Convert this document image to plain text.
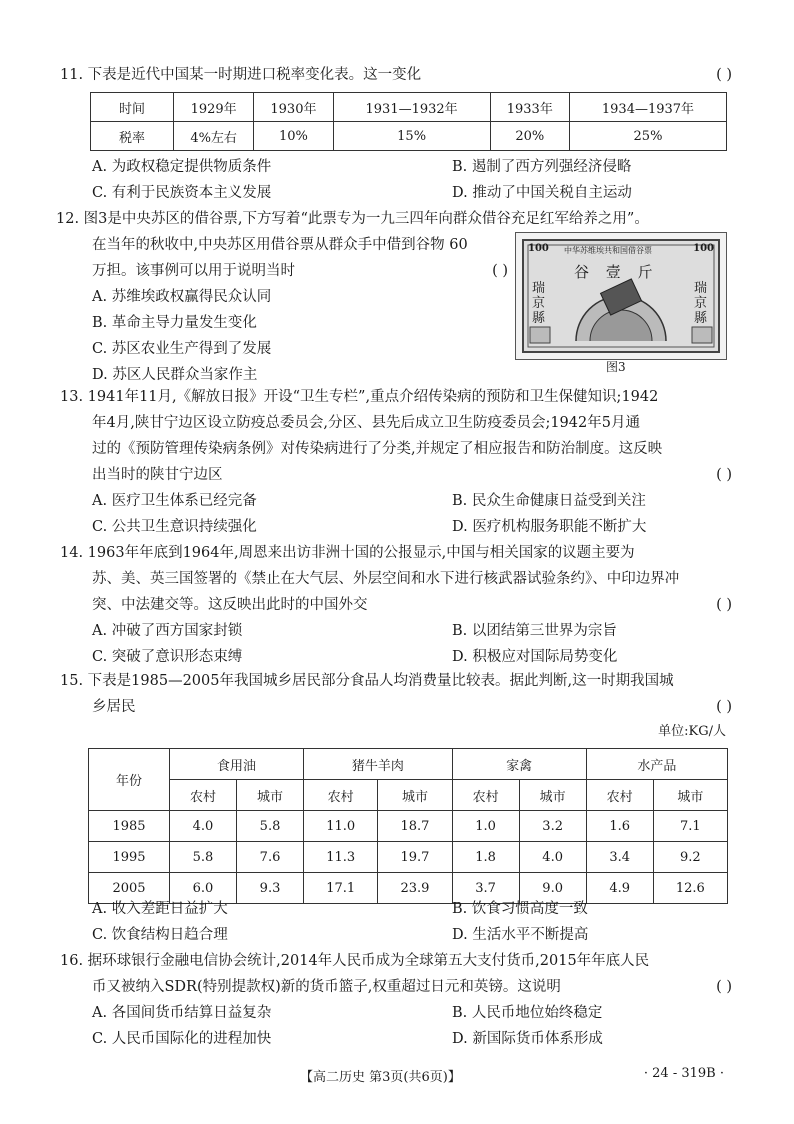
11. 下表是近代中国某一时期进口税率变化表。这一变化	( )
时间	1929年	1930年	1931—1932年	1933年	1934—1937年
税率	4%左右	10%	15%	20%	25%
A. 为政权稳定提供物质条件	B. 遏制了西方列强经济侵略
C. 有利于民族资本主义发展	D. 推动了中国关税自主运动
12. 图3是中央苏区的借谷票,下方写着“此票专为一九三四年向群众借谷充足红军给养之用”。
在当年的秋收中,中央苏区用借谷票从群众手中借到谷物 60
万担。该事例可以用于说明当时	( )
A. 苏维埃政权赢得民众认同
B. 革命主导力量发生变化
C. 苏区农业生产得到了发展
D. 苏区人民群众当家作主
100	100
中华苏维埃共和国借谷票
谷 壹 斤
瑞京縣
瑞京縣
图3
13. 1941年11月,《解放日报》开设“卫生专栏”,重点介绍传染病的预防和卫生保健知识;1942
年4月,陕甘宁边区设立防疫总委员会,分区、县先后成立卫生防疫委员会;1942年5月通
过的《预防管理传染病条例》对传染病进行了分类,并规定了相应报告和防治制度。这反映
出当时的陕甘宁边区	( )
A. 医疗卫生体系已经完备	B. 民众生命健康日益受到关注
C. 公共卫生意识持续强化	D. 医疗机构服务职能不断扩大
14. 1963年年底到1964年,周恩来出访非洲十国的公报显示,中国与相关国家的议题主要为
苏、美、英三国签署的《禁止在大气层、外层空间和水下进行核武器试验条约》、中印边界冲
突、中法建交等。这反映出此时的中国外交	( )
A. 冲破了西方国家封锁	B. 以团结第三世界为宗旨
C. 突破了意识形态束缚	D. 积极应对国际局势变化
15. 下表是1985—2005年我国城乡居民部分食品人均消费量比较表。据此判断,这一时期我国城
乡居民	( )
单位:KG/人
年份	食用油		猪牛羊肉		家禽		水产品	
	农村	城市	农村	城市	农村	城市	农村	城市
1985	4.0	5.8	11.0	18.7	1.0	3.2	1.6	7.1
1995	5.8	7.6	11.3	19.7	1.8	4.0	3.4	9.2
2005	6.0	9.3	17.1	23.9	3.7	9.0	4.9	12.6
A. 收入差距日益扩大	B. 饮食习惯高度一致
C. 饮食结构日趋合理	D. 生活水平不断提高
16. 据环球银行金融电信协会统计,2014年人民币成为全球第五大支付货币,2015年年底人民
币又被纳入SDR(特别提款权)新的货币篮子,权重超过日元和英镑。这说明	( )
A. 各国间货币结算日益复杂	B. 人民币地位始终稳定
C. 人民币国际化的进程加快	D. 新国际货币体系形成
【高二历史 第3页(共6页)】	· 24 - 319B ·
